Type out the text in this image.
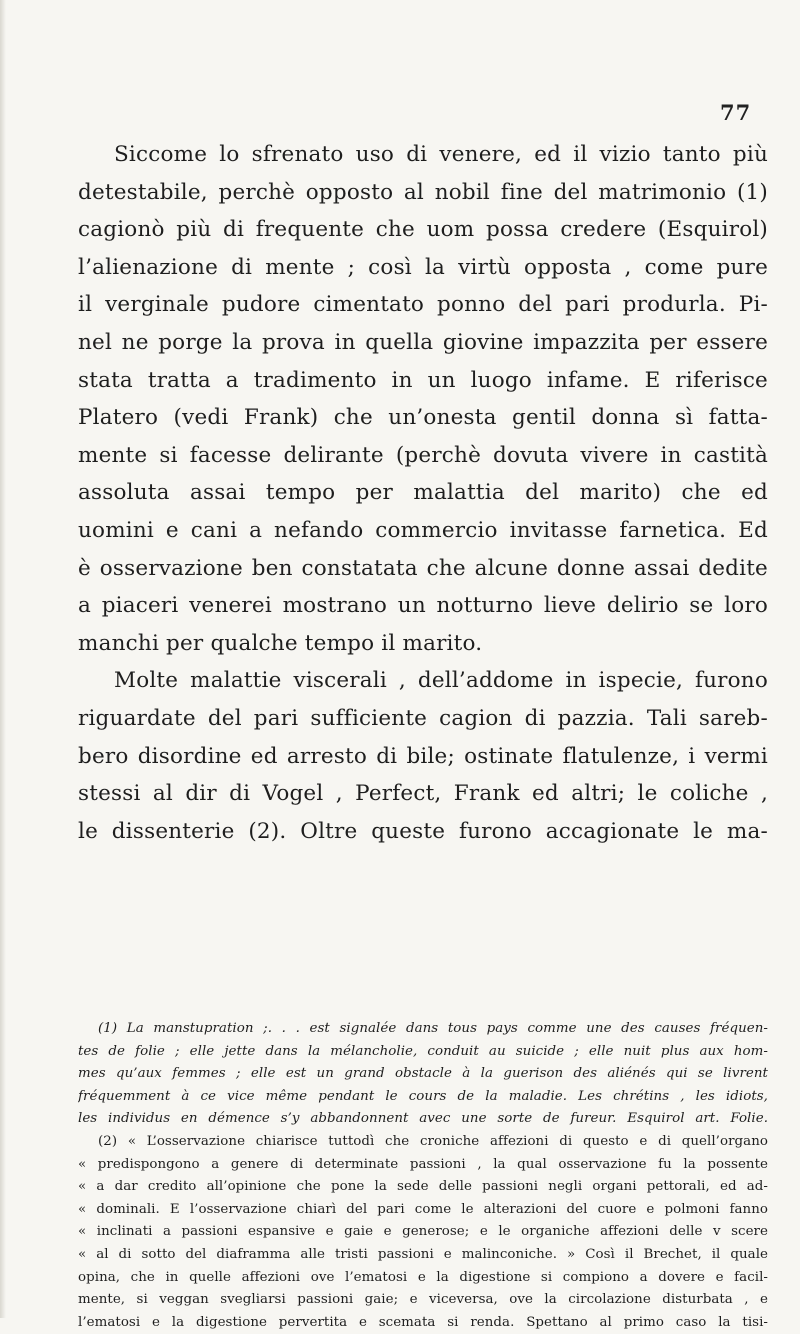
77
Siccome lo sfrenato uso di venere, ed il vizio tanto più
detestabile, perchè opposto al nobil fine del matrimonio (1)
cagionò più di frequente che uom possa credere (Esquirol)
l’alienazione di mente ; così la virtù opposta , come pure
il verginale pudore cimentato ponno del pari produrla. Pi-
nel ne porge la prova in quella giovine impazzita per essere
stata tratta a tradimento in un luogo infame. E riferisce
Platero (vedi Frank) che un’onesta gentil donna sì fatta-
mente si facesse delirante (perchè dovuta vivere in castità
assoluta assai tempo per malattia del marito) che ed
uomini e cani a nefando commercio invitasse farnetica. Ed
è osservazione ben constatata che alcune donne assai dedite
a piaceri venerei mostrano un notturno lieve delirio se loro
manchi per qualche tempo il marito.
Molte malattie viscerali , dell’addome in ispecie, furono
riguardate del pari sufficiente cagion di pazzia. Tali sareb-
bero disordine ed arresto di bile; ostinate flatulenze, i vermi
stessi al dir di Vogel , Perfect, Frank ed altri; le coliche ,
le dissenterie (2). Oltre queste furono accagionate le ma-
(1) La manstupration ;. . . est signalée dans tous pays comme une des causes fréquen-
tes de folie ; elle jette dans la mélancholie, conduit au suicide ; elle nuit plus aux hom-
mes qu’aux femmes ; elle est un grand obstacle à la guerison des aliénés qui se livrent
fréquemment à ce vice même pendant le cours de la maladie. Les chrétins , les idiots,
les individus en démence s’y abbandonnent avec une sorte de fureur. Esquirol art. Folie.
(2) « L’osservazione chiarisce tuttodì che croniche affezioni di questo e di quell’organo
« predispongono a genere di determinate passioni , la qual osservazione fu la possente
« a dar credito all’opinione che pone la sede delle passioni negli organi pettorali, ed ad-
« dominali. E l’osservazione chiarì del pari come le alterazioni del cuore e polmoni fanno
« inclinati a passioni espansive e gaie e generose; e le organiche affezioni delle v scere
« al di sotto del diaframma alle tristi passioni e malinconiche. » Così il Brechet, il quale
opina, che in quelle affezioni ove l’ematosi e la digestione si compiono a dovere e facil-
mente, si veggan svegliarsi passioni gaie; e viceversa, ove la circolazione disturbata , e
l’ematosi e la digestione pervertita e scemata si renda. Spettano al primo caso la tisi-
